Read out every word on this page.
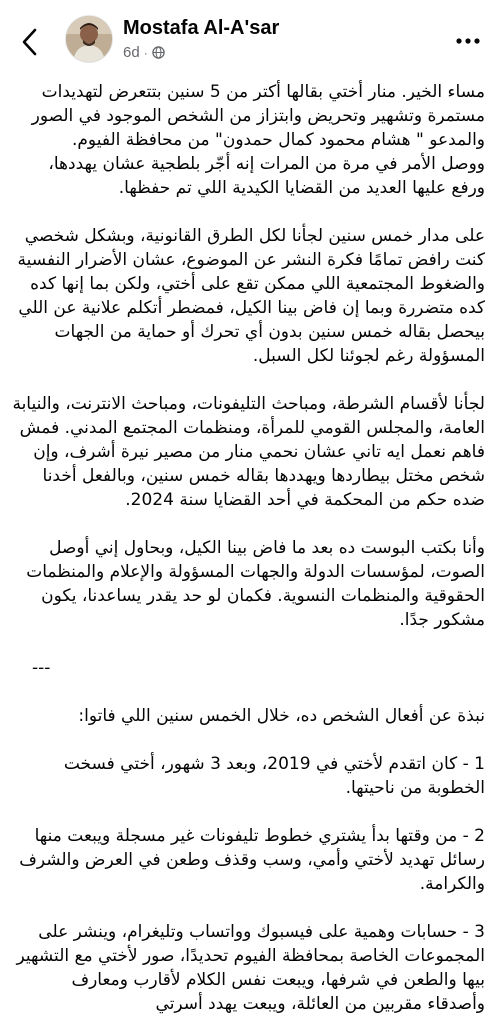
Mostafa Al-A'sar
6d ·

مساء الخير. منار أختي بقالها أكتر من 5 سنين بتتعرض لتهديدات مستمرة وتشهير وتحريض وابتزاز من الشخص الموجود في الصور والمدعو " هشام محمود كمال حمدون" من محافظة الفيوم.
ووصل الأمر في مرة من المرات إنه أجّر بلطجية عشان يهددها، ورفع عليها العديد من القضايا الكيدية اللي تم حفظها.

على مدار خمس سنين لجأنا لكل الطرق القانونية، وبشكل شخصي كنت رافض تمامًا فكرة النشر عن الموضوع، عشان الأضرار النفسية والضغوط المجتمعية اللي ممكن تقع على أختي، ولكن بما إنها كده كده متضررة وبما إن فاض بينا الكيل، فمضطر أتكلم علانية عن اللي بيحصل بقاله خمس سنين بدون أي تحرك أو حماية من الجهات المسؤولة رغم لجوئنا لكل السبل.

لجأنا لأقسام الشرطة، ومباحث التليفونات، ومباحث الانترنت، والنيابة العامة، والمجلس القومي للمرأة، ومنظمات المجتمع المدني. فمش فاهم نعمل ايه تاني عشان نحمي منار من مصير نيرة أشرف، وإن شخص مختل بيطاردها ويهددها بقاله خمس سنين، وبالفعل أخدنا ضده حكم من المحكمة في أحد القضايا سنة 2024.

وأنا بكتب البوست ده بعد ما فاض بينا الكيل، وبحاول إني أوصل الصوت، لمؤسسات الدولة والجهات المسؤولة والإعلام والمنظمات الحقوقية والمنظمات النسوية. فكمان لو حد يقدر يساعدنا، يكون مشكور جدًا.

---

نبذة عن أفعال الشخص ده، خلال الخمس سنين اللي فاتوا:

1 - كان اتقدم لأختي في 2019، وبعد 3 شهور، أختي فسخت الخطوبة من ناحيتها.

2 - من وقتها بدأ يشتري خطوط تليفونات غير مسجلة ويبعت منها رسائل تهديد لأختي وأمي، وسب وقذف وطعن في العرض والشرف والكرامة.

3 - حسابات وهمية على فيسبوك وواتساب وتليغرام، وينشر على المجموعات الخاصة بمحافظة الفيوم تحديدًا، صور لأختي مع التشهير بيها والطعن في شرفها، ويبعت نفس الكلام لأقارب ومعارف وأصدقاء مقربين من العائلة، ويبعت يهدد أسرتي
